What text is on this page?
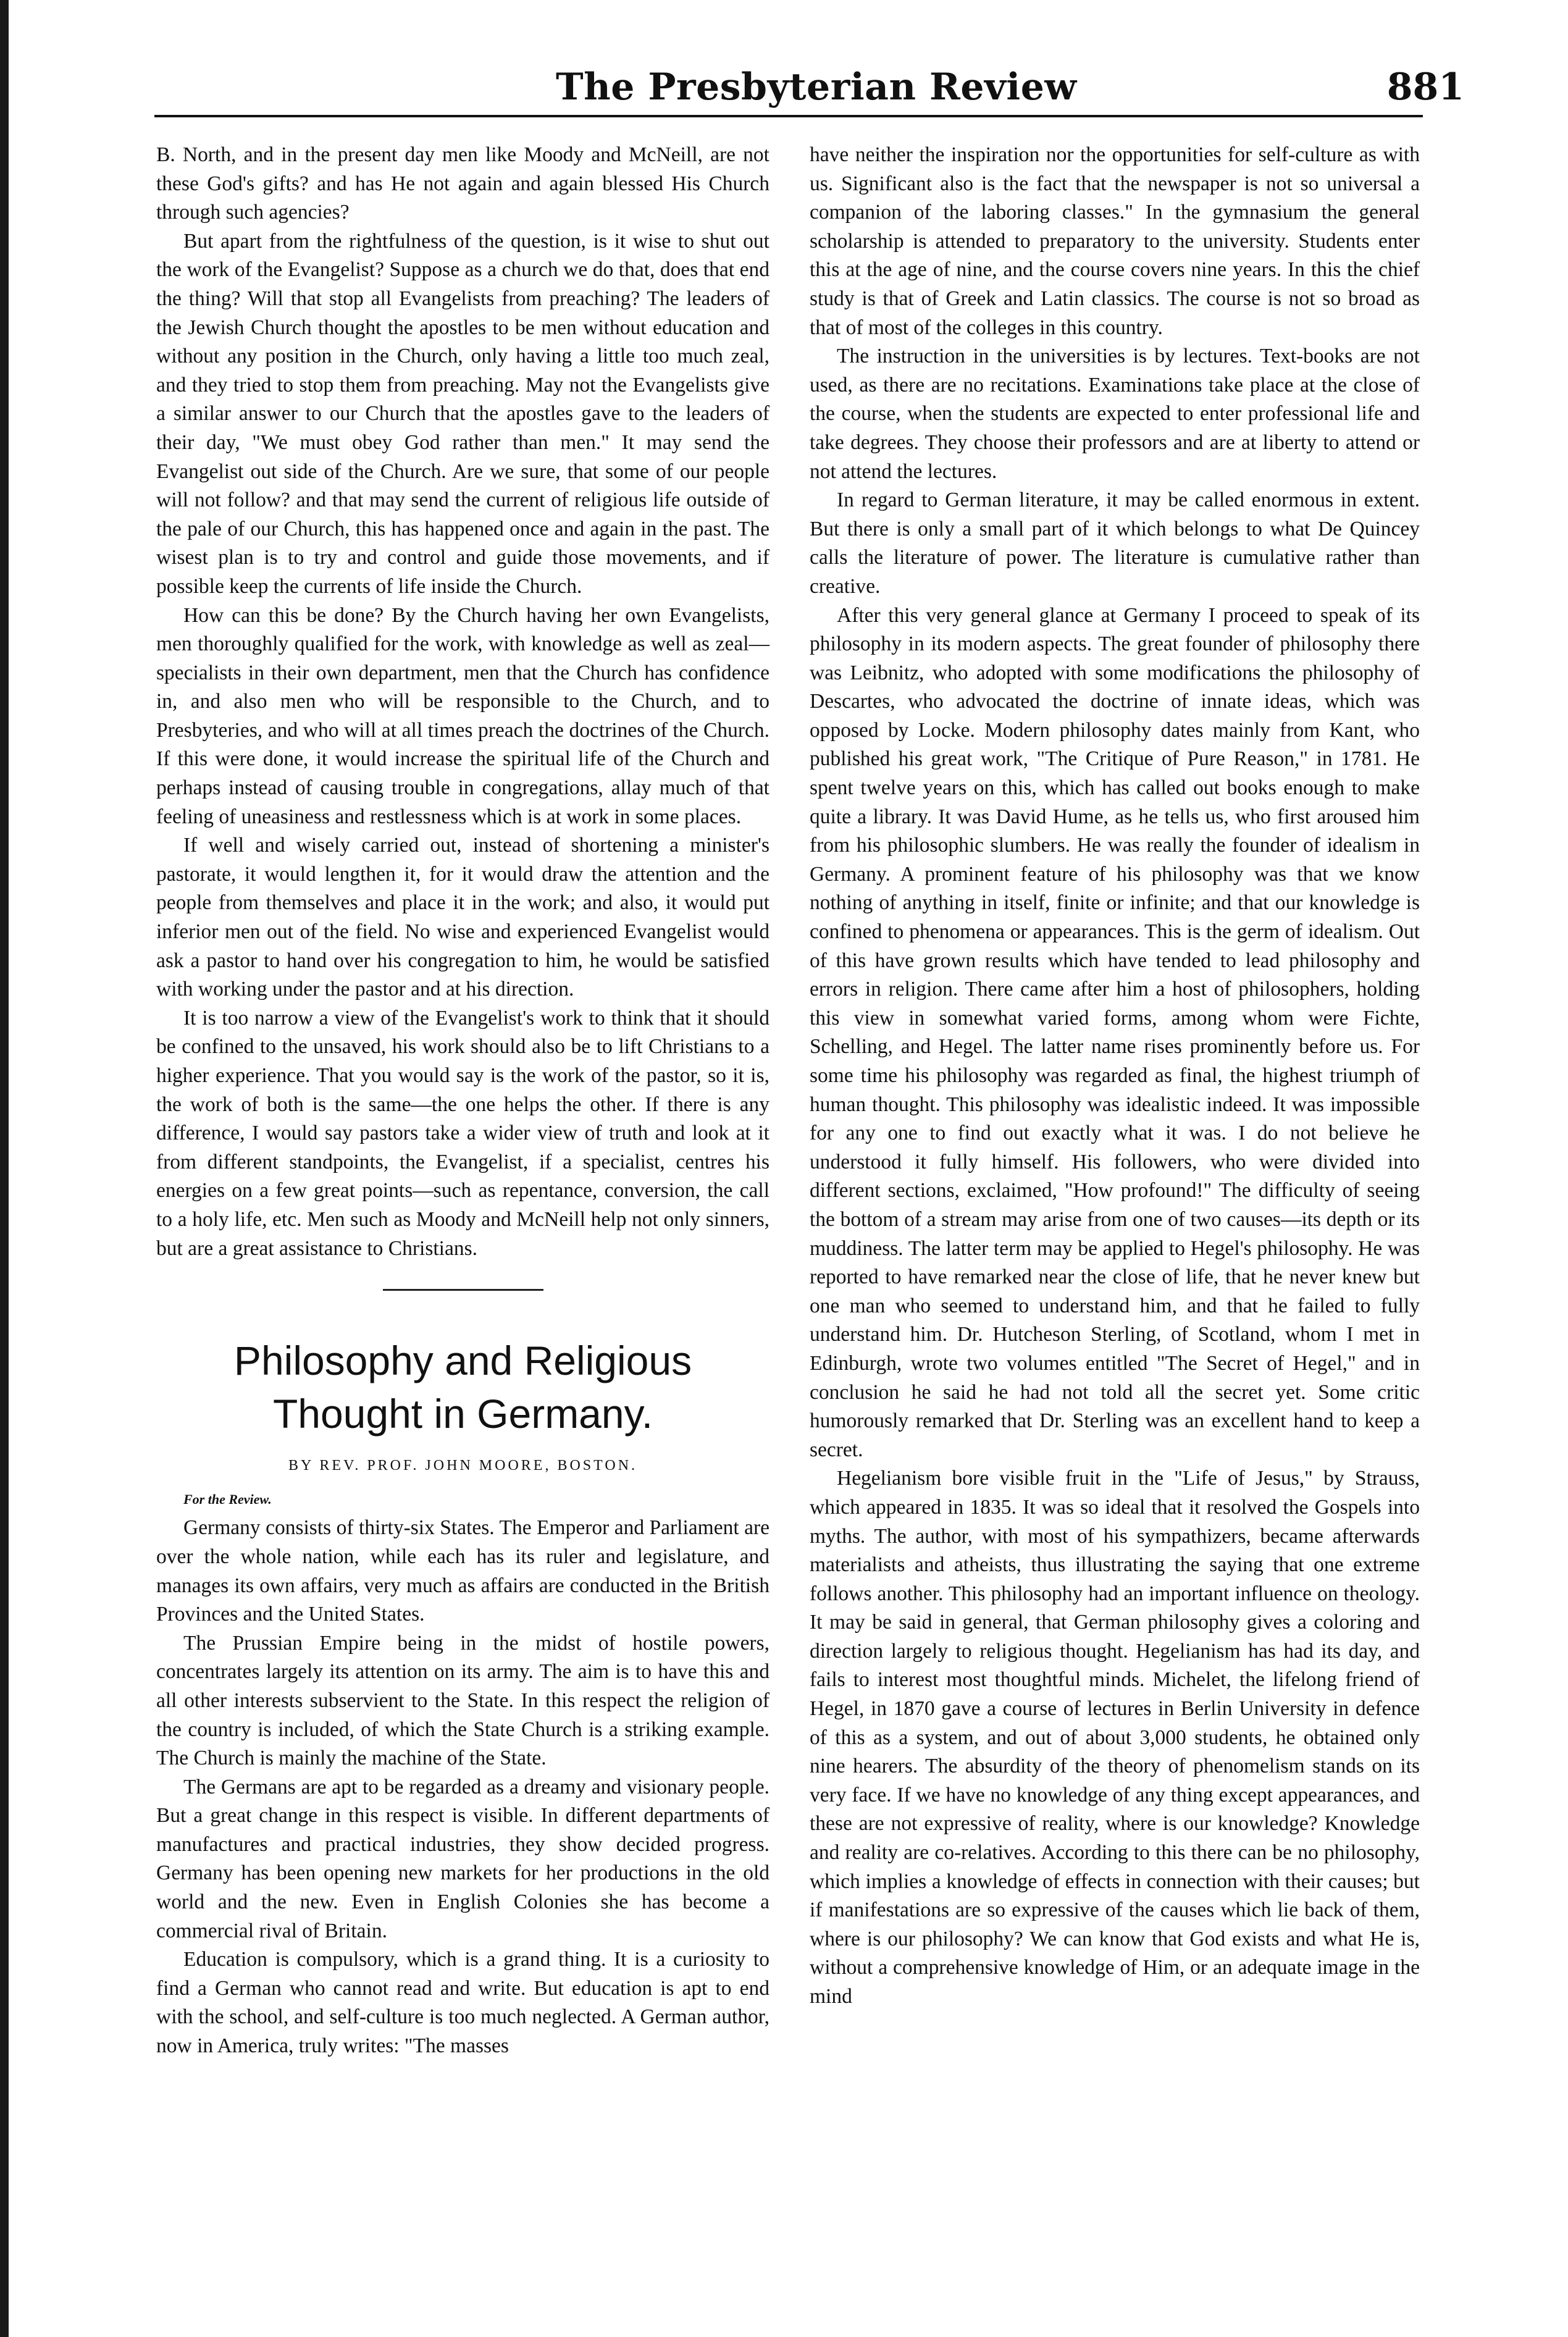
The Presbyterian Review	881

B. North, and in the present day men like Moody and McNeill, are not these God's gifts? and has He not again and again blessed His Church through such agencies?

But apart from the rightfulness of the question, is it wise to shut out the work of the Evangelist? Suppose as a church we do that, does that end the thing? Will that stop all Evangelists from preaching? The leaders of the Jewish Church thought the apostles to be men without education and without any position in the Church, only having a little too much zeal, and they tried to stop them from preaching. May not the Evangelists give a similar answer to our Church that the apostles gave to the leaders of their day, "We must obey God rather than men." It may send the Evangelist out side of the Church. Are we sure, that some of our people will not follow? and that may send the current of religious life outside of the pale of our Church, this has happened once and again in the past. The wisest plan is to try and control and guide those movements, and if possible keep the currents of life inside the Church.

How can this be done? By the Church having her own Evangelists, men thoroughly qualified for the work, with knowledge as well as zeal—specialists in their own department, men that the Church has confidence in, and also men who will be responsible to the Church, and to Presbyteries, and who will at all times preach the doctrines of the Church. If this were done, it would increase the spiritual life of the Church and perhaps instead of causing trouble in congregations, allay much of that feeling of uneasiness and restlessness which is at work in some places.

If well and wisely carried out, instead of shortening a minister's pastorate, it would lengthen it, for it would draw the attention and the people from themselves and place it in the work; and also, it would put inferior men out of the field. No wise and experienced Evangelist would ask a pastor to hand over his congregation to him, he would be satisfied with working under the pastor and at his direction.

It is too narrow a view of the Evangelist's work to think that it should be confined to the unsaved, his work should also be to lift Christians to a higher experience. That you would say is the work of the pastor, so it is, the work of both is the same—the one helps the other. If there is any difference, I would say pastors take a wider view of truth and look at it from different standpoints, the Evangelist, if a specialist, centres his energies on a few great points—such as repentance, conversion, the call to a holy life, etc. Men such as Moody and McNeill help not only sinners, but are a great assistance to Christians.

Philosophy and Religious
Thought in Germany.
BY REV. PROF. JOHN MOORE, BOSTON.

For the Review.

Germany consists of thirty-six States. The Emperor and Parliament are over the whole nation, while each has its ruler and legislature, and manages its own affairs, very much as affairs are conducted in the British Provinces and the United States.

The Prussian Empire being in the midst of hostile powers, concentrates largely its attention on its army. The aim is to have this and all other interests subservient to the State. In this respect the religion of the country is included, of which the State Church is a striking example. The Church is mainly the machine of the State.

The Germans are apt to be regarded as a dreamy and visionary people. But a great change in this respect is visible. In different departments of manufactures and practical industries, they show decided progress. Germany has been opening new markets for her productions in the old world and the new. Even in English Colonies she has become a commercial rival of Britain.

Education is compulsory, which is a grand thing. It is a curiosity to find a German who cannot read and write. But education is apt to end with the school, and self-culture is too much neglected. A German author, now in America, truly writes: "The masses

have neither the inspiration nor the opportunities for self-culture as with us. Significant also is the fact that the newspaper is not so universal a companion of the laboring classes." In the gymnasium the general scholarship is attended to preparatory to the university. Students enter this at the age of nine, and the course covers nine years. In this the chief study is that of Greek and Latin classics. The course is not so broad as that of most of the colleges in this country.

The instruction in the universities is by lectures. Text-books are not used, as there are no recitations. Examinations take place at the close of the course, when the students are expected to enter professional life and take degrees. They choose their professors and are at liberty to attend or not attend the lectures.

In regard to German literature, it may be called enormous in extent. But there is only a small part of it which belongs to what De Quincey calls the literature of power. The literature is cumulative rather than creative.

After this very general glance at Germany I proceed to speak of its philosophy in its modern aspects. The great founder of philosophy there was Leibnitz, who adopted with some modifications the philosophy of Descartes, who advocated the doctrine of innate ideas, which was opposed by Locke. Modern philosophy dates mainly from Kant, who published his great work, "The Critique of Pure Reason," in 1781. He spent twelve years on this, which has called out books enough to make quite a library. It was David Hume, as he tells us, who first aroused him from his philosophic slumbers. He was really the founder of idealism in Germany. A prominent feature of his philosophy was that we know nothing of anything in itself, finite or infinite; and that our knowledge is confined to phenomena or appearances. This is the germ of idealism. Out of this have grown results which have tended to lead philosophy and errors in religion. There came after him a host of philosophers, holding this view in somewhat varied forms, among whom were Fichte, Schelling, and Hegel. The latter name rises prominently before us. For some time his philosophy was regarded as final, the highest triumph of human thought. This philosophy was idealistic indeed. It was impossible for any one to find out exactly what it was. I do not believe he understood it fully himself. His followers, who were divided into different sections, exclaimed, "How profound!" The difficulty of seeing the bottom of a stream may arise from one of two causes—its depth or its muddiness. The latter term may be applied to Hegel's philosophy. He was reported to have remarked near the close of life, that he never knew but one man who seemed to understand him, and that he failed to fully understand him. Dr. Hutcheson Sterling, of Scotland, whom I met in Edinburgh, wrote two volumes entitled "The Secret of Hegel," and in conclusion he said he had not told all the secret yet. Some critic humorously remarked that Dr. Sterling was an excellent hand to keep a secret.

Hegelianism bore visible fruit in the "Life of Jesus," by Strauss, which appeared in 1835. It was so ideal that it resolved the Gospels into myths. The author, with most of his sympathizers, became afterwards materialists and atheists, thus illustrating the saying that one extreme follows another. This philosophy had an important influence on theology. It may be said in general, that German philosophy gives a coloring and direction largely to religious thought. Hegelianism has had its day, and fails to interest most thoughtful minds. Michelet, the lifelong friend of Hegel, in 1870 gave a course of lectures in Berlin University in defence of this as a system, and out of about 3,000 students, he obtained only nine hearers. The absurdity of the theory of phenomelism stands on its very face. If we have no knowledge of any thing except appearances, and these are not expressive of reality, where is our knowledge? Knowledge and reality are co-relatives. According to this there can be no philosophy, which implies a knowledge of effects in connection with their causes; but if manifestations are so expressive of the causes which lie back of them, where is our philosophy? We can know that God exists and what He is, without a comprehensive knowledge of Him, or an adequate image in the mind
